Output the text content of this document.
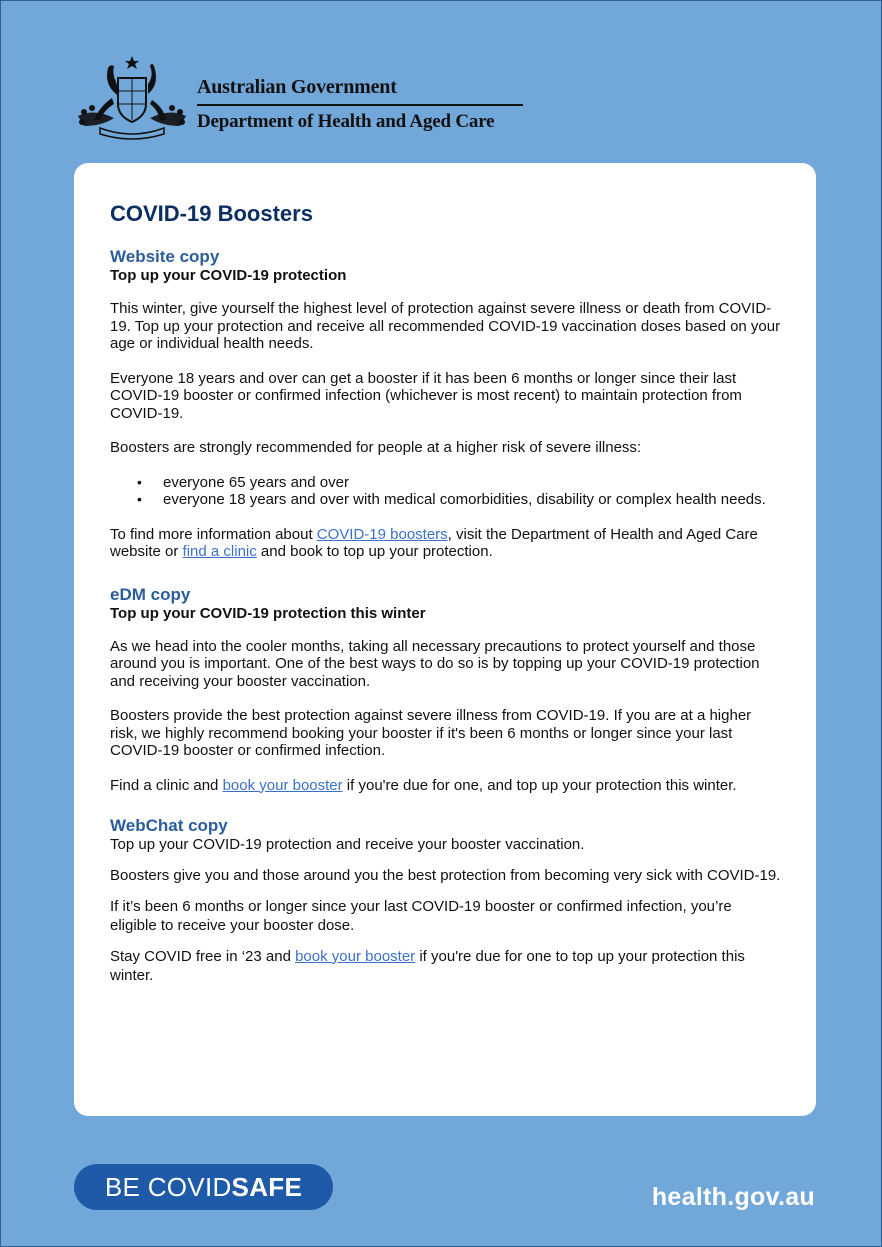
Australian Government
Department of Health and Aged Care
COVID-19 Boosters
Website copy

Top up your COVID-19 protection

This winter, give yourself the highest level of protection against severe illness or death from COVID-19. Top up your protection and receive all recommended COVID-19 vaccination doses based on your age or individual health needs.

Everyone 18 years and over can get a booster if it has been 6 months or longer since their last COVID-19 booster or confirmed infection (whichever is most recent) to maintain protection from COVID-19.

Boosters are strongly recommended for people at a higher risk of severe illness:

• everyone 65 years and over
• everyone 18 years and over with medical comorbidities, disability or complex health needs.

To find more information about COVID-19 boosters, visit the Department of Health and Aged Care website or find a clinic and book to top up your protection.

eDM copy

Top up your COVID-19 protection this winter

As we head into the cooler months, taking all necessary precautions to protect yourself and those around you is important. One of the best ways to do so is by topping up your COVID-19 protection and receiving your booster vaccination.

Boosters provide the best protection against severe illness from COVID-19. If you are at a higher risk, we highly recommend booking your booster if it's been 6 months or longer since your last COVID-19 booster or confirmed infection.

Find a clinic and book your booster if you're due for one, and top up your protection this winter.

WebChat copy

Top up your COVID-19 protection and receive your booster vaccination.

Boosters give you and those around you the best protection from becoming very sick with COVID-19.

If it’s been 6 months or longer since your last COVID-19 booster or confirmed infection, you’re eligible to receive your booster dose.

Stay COVID free in ‘23 and book your booster if you're due for one to top up your protection this winter.

BE COVIDSAFE	health.gov.au
